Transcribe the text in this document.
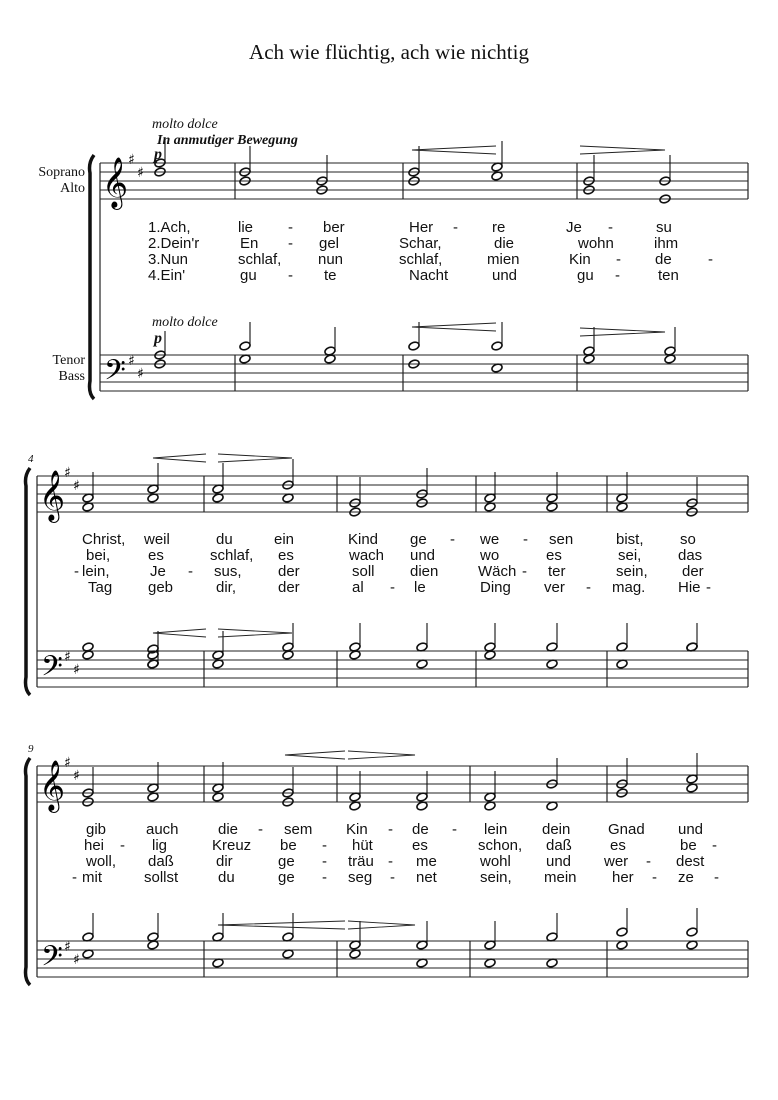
Ach wie flüchtig, ach wie nichtig
Soprano
Alto
Tenor
Bass
molto dolce
In anmutiger Bewegung
p
molto dolce
p
4
9
1.Ach,	lie - ber	Her - re	Je -	su
2.Dein'r	En - gel	Schar,	die	wohn	ihm
3.Nun	schlaf, nun	schlaf,	mien	Kin - de -
4.Ein'	gu - te	Nacht	und	gu -	ten
Christ, weil	du	ein	Kind ge - we - sen	bist, so
bei,	es	schlaf, es	wach und	wo	es	sei, das
- lein,	Je - sus, der	soll dien	Wäch - ter	sein, der
Tag geb	dir,	der	al - le	Ding ver - mag. Hie -
gib	auch	die - sem Kin - de - lein dein	Gnad und
hei - lig	Kreuz be - hüt	es	schon, daß	es	be -
woll, daß	dir	ge - träu - me	wohl und wer - dest
- mit	sollst	du	ge - seg - net	sein, mein her - ze -
𝄞
𝄢
♯
♯
♯
♯
𝄞
𝄢
♯
♯
♯
♯
𝄞
𝄢
♯
♯
♯
♯
